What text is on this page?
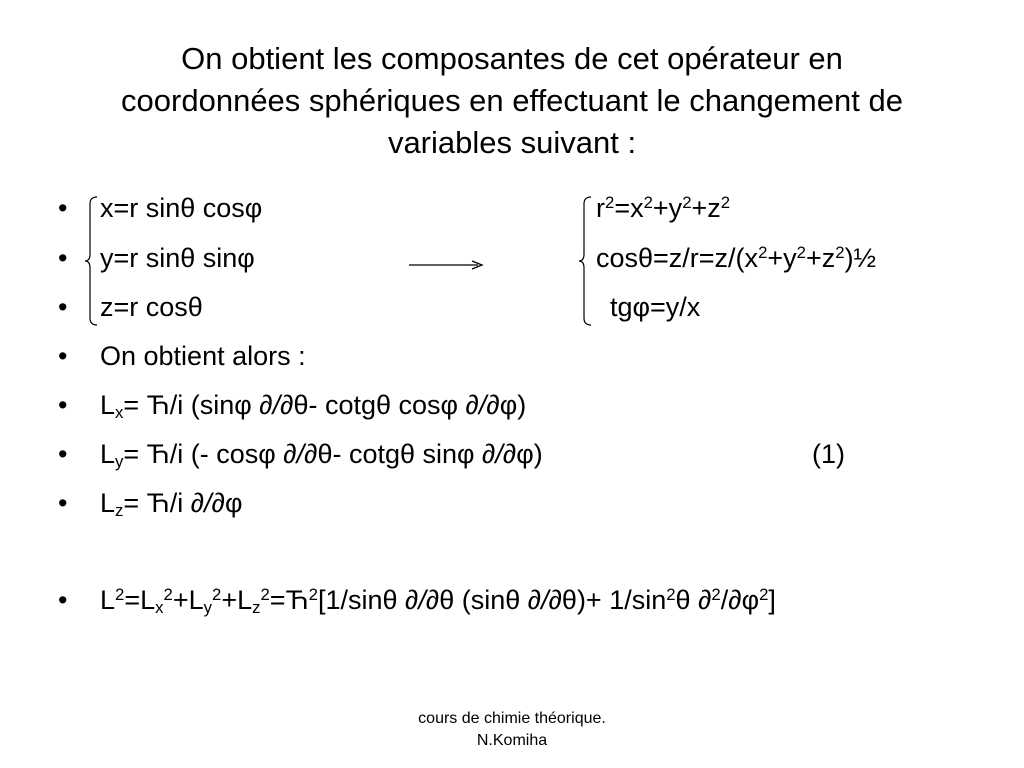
On obtient les composantes de cet opérateur en
coordonnées sphériques en effectuant le changement de
variables suivant :
• x=r sinθ cosφ	$r^2=x^2+y^2+z^2$
• y=r sinθ sinφ	$\cos\theta=z/r=z/(x^2+y^2+z^2)\frac{1}{2}$
• z=r cosθ	tgφ=y/x
• On obtient alors :
• $L_x= Ћ/i$ (sinφ ∂/∂θ- cotgθ cosφ ∂/∂φ)
• $L_y= Ћ/i$ (- cosφ ∂/∂θ- cotgθ sinφ ∂/∂φ)	(1)
• $L_z= Ћ/i$ ∂/∂φ
• $L^2=L_x^2+L_y^2+L_z^2=Ћ^2[1$/sinθ ∂/∂θ (sinθ $\partial/\partial\theta)+ 1/\sin^2\theta$ $\partial^2/\partial\varphi^2$]
cours de chimie théorique.
N.Komiha
